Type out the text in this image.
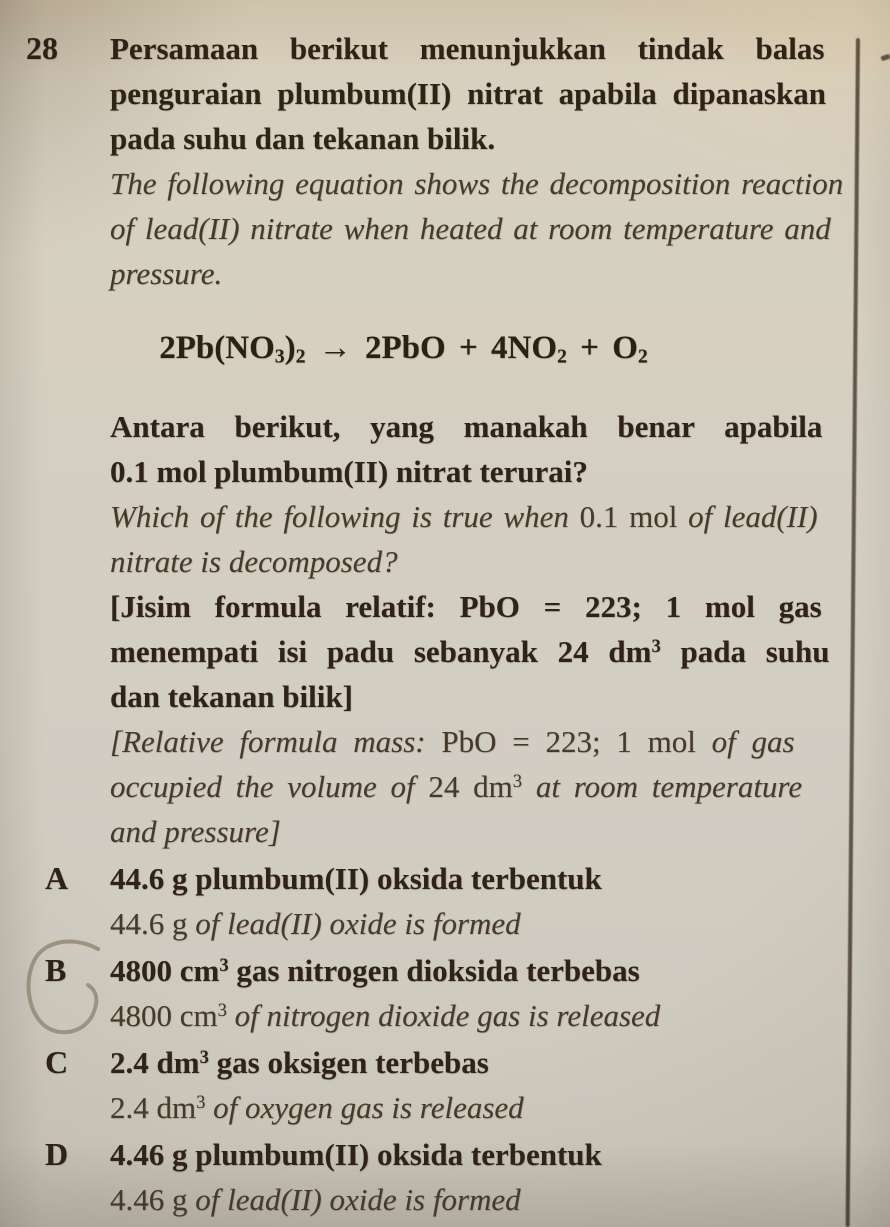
28 Persamaan berikut menunjukkan tindak balas
penguraian plumbum(II) nitrat apabila dipanaskan
pada suhu dan tekanan bilik.
The following equation shows the decomposition reaction
of lead(II) nitrate when heated at room temperature and
pressure.
$2Pb(NO_3)_2 \to 2PbO + 4NO_2 + O_2$
Antara berikut, yang manakah benar apabila
0.1 mol plumbum(II) nitrat terurai?
Which of the following is true when 0.1 mol of lead(II)
nitrate is decomposed?
[Jisim formula relatif: PbO = 223; 1 mol gas
menempati isi padu sebanyak 24 $dm^3$ pada suhu
dan tekanan bilik]
[Relative formula mass: PbO = 223; 1 mol of gas
occupied the volume of 24 $dm^3$ at room temperature
and pressure]
A	44.6 g plumbum(II) oksida terbentuk
44.6 g of lead(II) oxide is formed
B	4800 $cm^3$ gas nitrogen dioksida terbebas
4800 $cm^3$ of nitrogen dioxide gas is released
C	2.4 $dm^3$ gas oksigen terbebas
2.4 $dm^3$ of oxygen gas is released
D	4.46 g plumbum(II) oksida terbentuk
4.46 g of lead(II) oxide is formed
